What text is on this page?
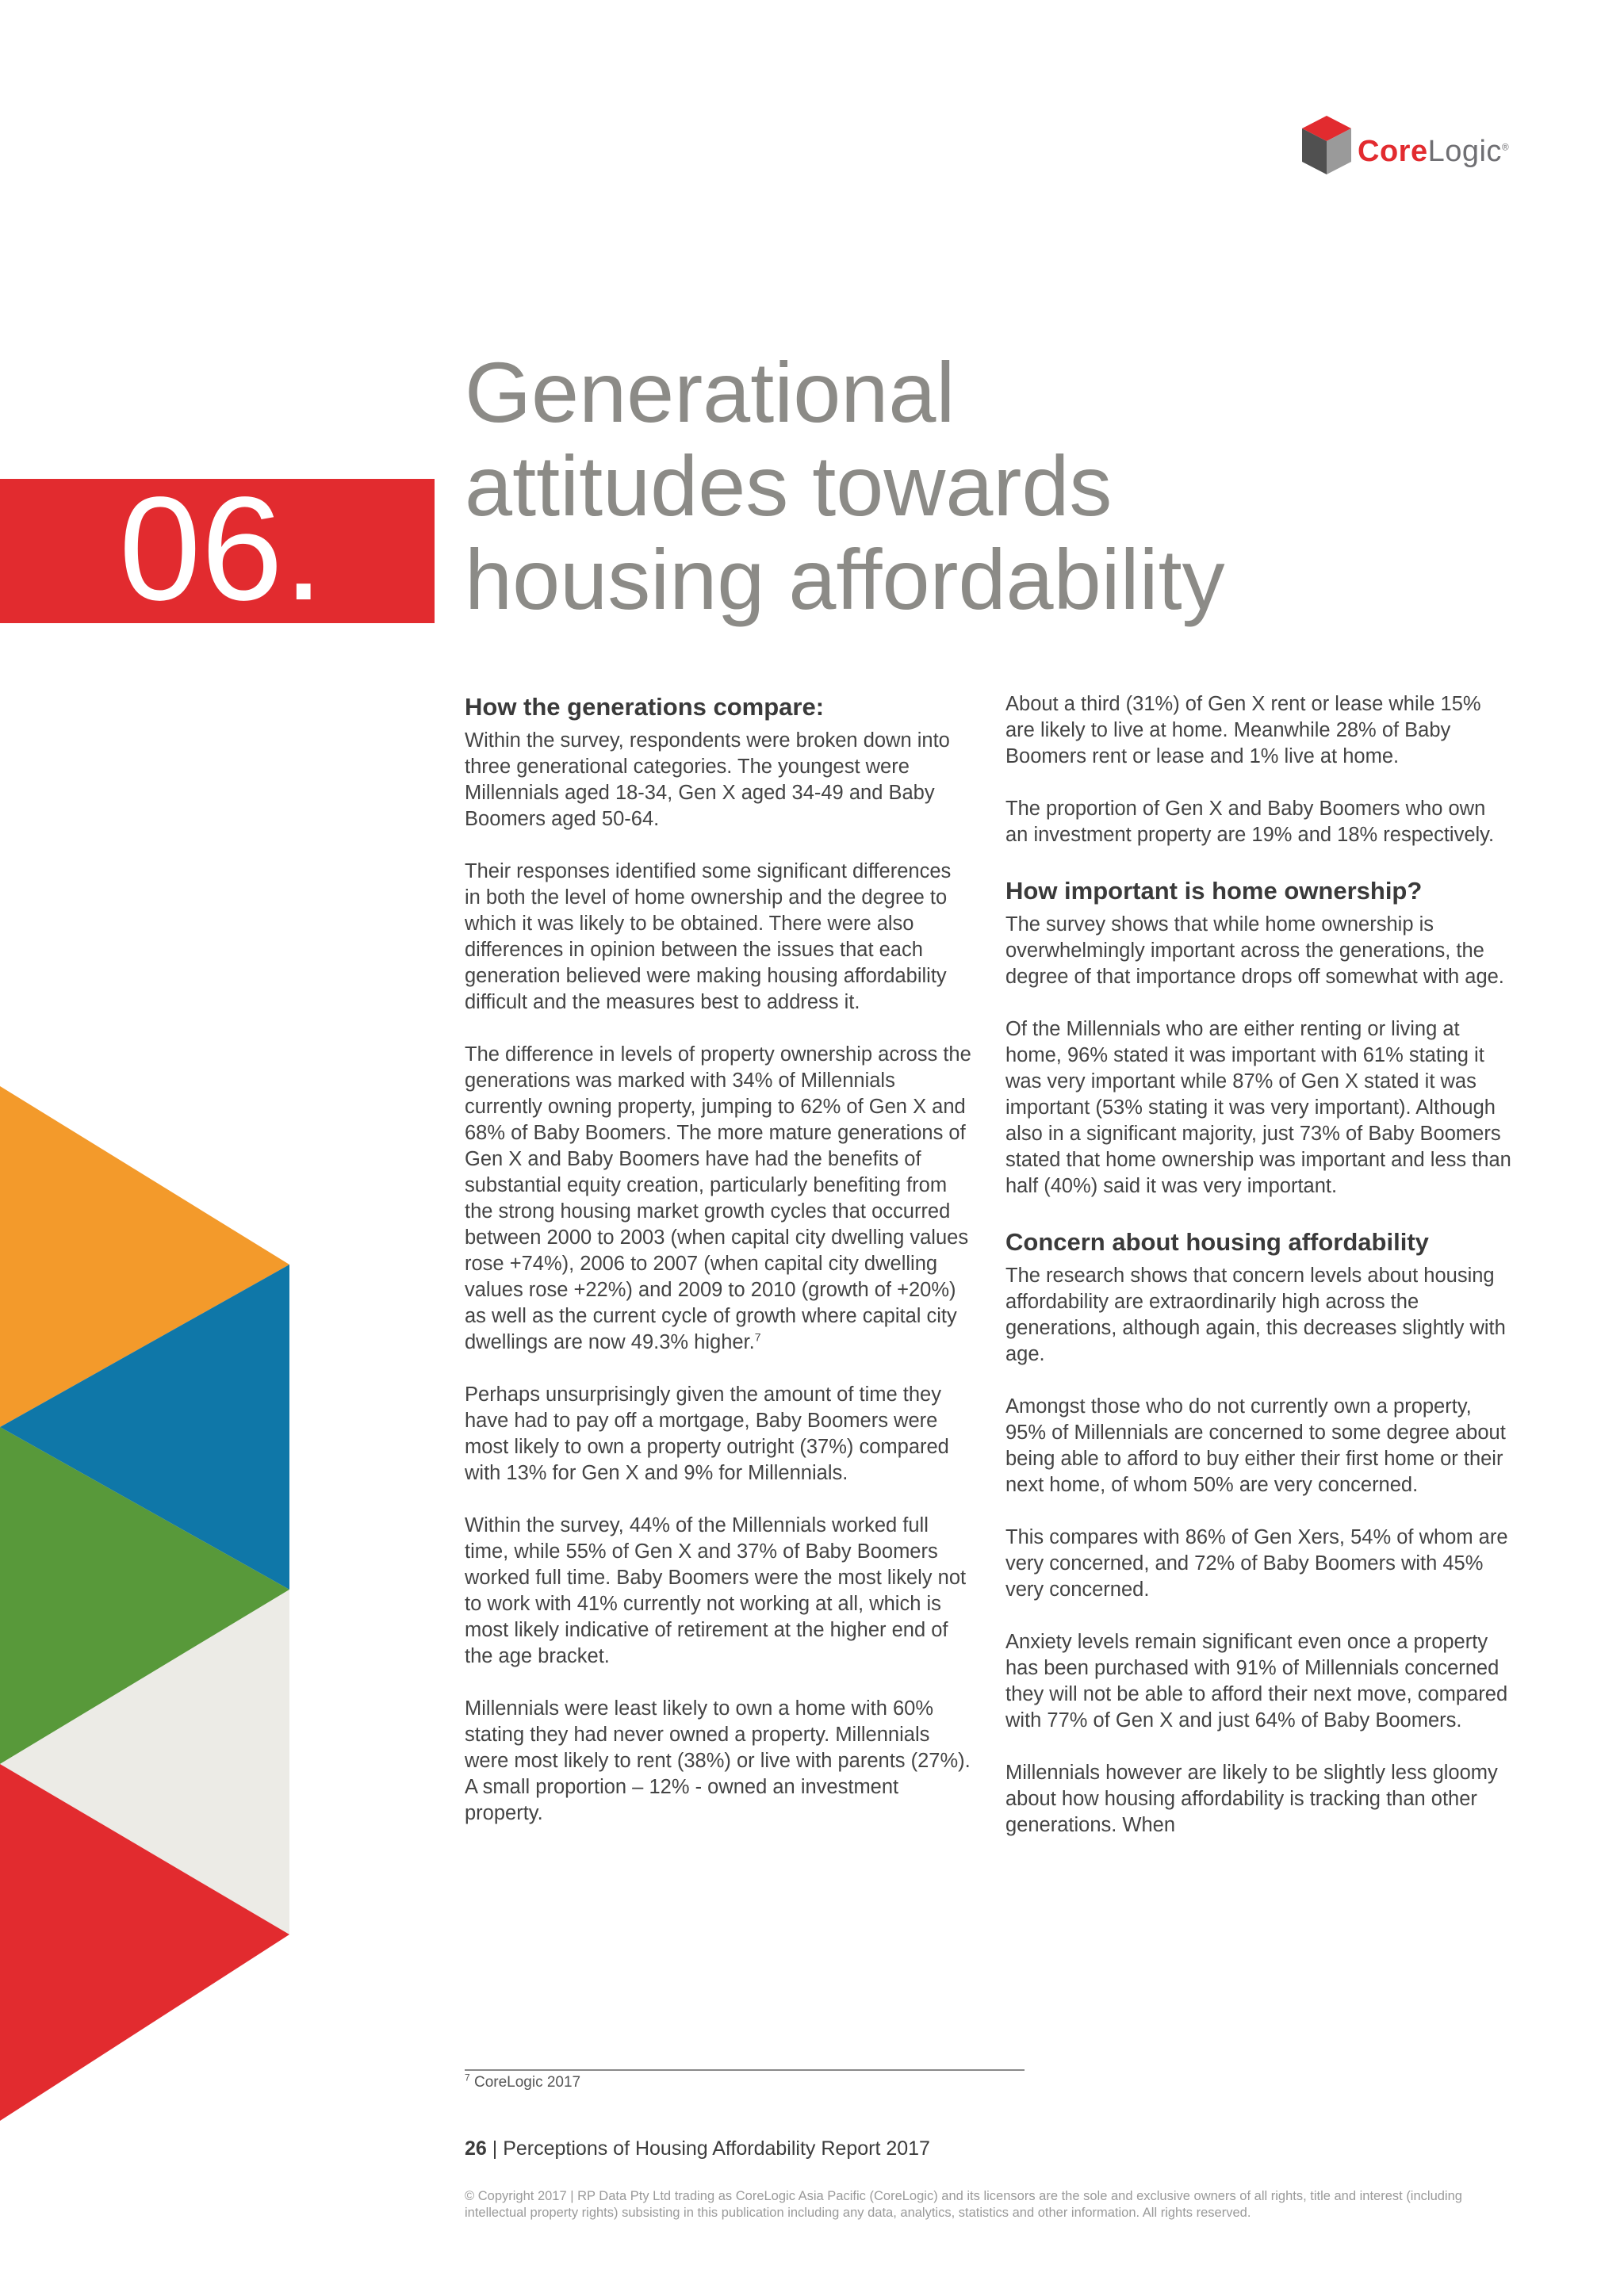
CoreLogic®
06.
Generational
attitudes towards
housing affordability
How the generations compare:

Within the survey, respondents were broken down into three generational categories. The youngest were Millennials aged 18-34, Gen X aged 34-49 and Baby Boomers aged 50-64.

Their responses identified some significant differences in both the level of home ownership and the degree to which it was likely to be obtained. There were also differences in opinion between the issues that each generation believed were making housing affordability difficult and the measures best to address it.

The difference in levels of property ownership across the generations was marked with 34% of Millennials currently owning property, jumping to 62% of Gen X and 68% of Baby Boomers. The more mature generations of Gen X and Baby Boomers have had the benefits of substantial equity creation, particularly benefiting from the strong housing market growth cycles that occurred between 2000 to 2003 (when capital city dwelling values rose +74%), 2006 to 2007 (when capital city dwelling values rose +22%) and 2009 to 2010 (growth of +20%) as well as the current cycle of growth where capital city dwellings are now 49.3% higher.$^7$

Perhaps unsurprisingly given the amount of time they have had to pay off a mortgage, Baby Boomers were most likely to own a property outright (37%) compared with 13% for Gen X and 9% for Millennials.

Within the survey, 44% of the Millennials worked full time, while 55% of Gen X and 37% of Baby Boomers worked full time. Baby Boomers were the most likely not to work with 41% currently not working at all, which is most likely indicative of retirement at the higher end of the age bracket.

Millennials were least likely to own a home with 60% stating they had never owned a property. Millennials were most likely to rent (38%) or live with parents (27%). A small proportion – 12% - owned an investment property.

About a third (31%) of Gen X rent or lease while 15% are likely to live at home. Meanwhile 28% of Baby Boomers rent or lease and 1% live at home.

The proportion of Gen X and Baby Boomers who own an investment property are 19% and 18% respectively.

How important is home ownership?

The survey shows that while home ownership is overwhelmingly important across the generations, the degree of that importance drops off somewhat with age.

Of the Millennials who are either renting or living at home, 96% stated it was important with 61% stating it was very important while 87% of Gen X stated it was important (53% stating it was very important). Although also in a significant majority, just 73% of Baby Boomers stated that home ownership was important and less than half (40%) said it was very important.

Concern about housing affordability

The research shows that concern levels about housing affordability are extraordinarily high across the generations, although again, this decreases slightly with age.

Amongst those who do not currently own a property, 95% of Millennials are concerned to some degree about being able to afford to buy either their first home or their next home, of whom 50% are very concerned.

This compares with 86% of Gen Xers, 54% of whom are very concerned, and 72% of Baby Boomers with 45% very concerned.

Anxiety levels remain significant even once a property has been purchased with 91% of Millennials concerned they will not be able to afford their next move, compared with 77% of Gen X and just 64% of Baby Boomers.

Millennials however are likely to be slightly less gloomy about how housing affordability is tracking than other generations. When

$^7$ CoreLogic 2017
26 | Perceptions of Housing Affordability Report 2017
© Copyright 2017 | RP Data Pty Ltd trading as CoreLogic Asia Pacific (CoreLogic) and its licensors are the sole and exclusive owners of all rights, title and interest (including intellectual property rights) subsisting in this publication including any data, analytics, statistics and other information. All rights reserved.
